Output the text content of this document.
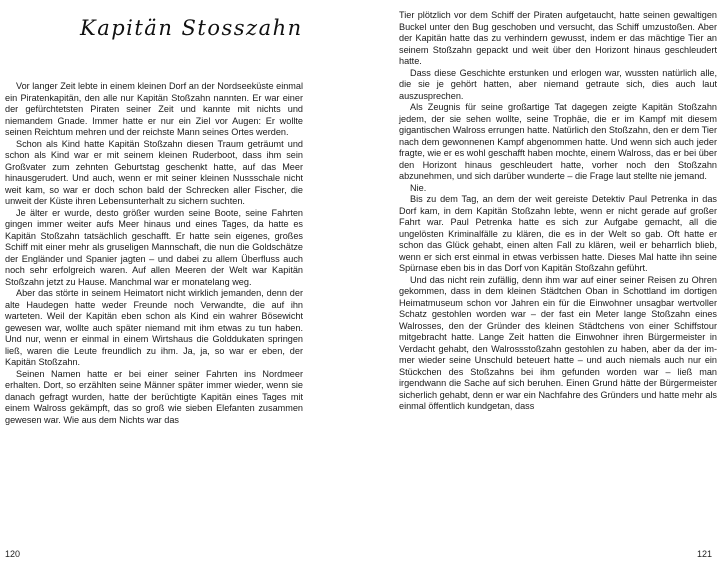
Kapitän Stosszahn

Vor langer Zeit lebte in einem kleinen Dorf an der Nordseeküste einmal ein Piratenkapitän, den alle nur Kapitän Stoßzahn nannten. Er war einer der gefürchtetsten Piraten seiner Zeit und kannte mit nichts und niemandem Gnade. Immer hatte er nur ein Ziel vor Augen: Er wollte seinen Reichtum mehren und der reichste Mann seines Ortes werden.

Schon als Kind hatte Kapitän Stoßzahn diesen Traum geträumt und schon als Kind war er mit seinem kleinen Ruderboot, dass ihm sein Großvater zum zehnten Geburtstag geschenkt hatte, auf das Meer hinausgerudert. Und auch, wenn er mit seiner kleinen Nussschale nicht weit kam, so war er doch schon bald der Schrecken aller Fischer, die unweit der Küste ihren Lebensunterhalt zu sichern suchten.

Je älter er wurde, desto größer wurden seine Boote, seine Fahrten gingen immer weiter aufs Meer hinaus und eines Tages, da hatte es Kapitän Stoßzahn tatsächlich geschafft. Er hatte sein eigenes, großes Schiff mit einer mehr als gruseligen Mannschaft, die nun die Goldschätze der Engländer und Spanier jagten – und dabei zu allem Überfluss auch noch sehr erfolgreich waren. Auf allen Meeren der Welt war Kapitän Stoßzahn jetzt zu Hause. Manchmal war er monatelang weg.

Aber das störte in seinem Heimatort nicht wirklich jemanden, denn der alte Haudegen hatte weder Freunde noch Verwandte, die auf ihn warteten. Weil der Kapitän eben schon als Kind ein wahrer Bösewicht gewesen war, wollte auch später niemand mit ihm etwas zu tun haben. Und nur, wenn er einmal in einem Wirtshaus die Golddukaten springen ließ, waren die Leute freundlich zu ihm. Ja, ja, so war er eben, der Kapitän Stoßzahn.

Seinen Namen hatte er bei einer seiner Fahrten ins Nordmeer erhalten. Dort, so erzählten seine Männer später immer wieder, wenn sie danach gefragt wurden, hatte der berüchtigte Kapitän eines Tages mit einem Walross gekämpft, das so groß wie sieben Elefanten zusammen gewesen war. Wie aus dem Nichts war das

120

Tier plötzlich vor dem Schiff der Piraten aufgetaucht, hatte seinen gewaltigen Buckel unter den Bug geschoben und versucht, das Schiff umzustoßen. Aber der Kapitän hatte das zu verhindern gewusst, indem er das mächtige Tier an seinem Stoßzahn gepackt und weit über den Horizont hinaus geschleudert hatte.

Dass diese Geschichte erstunken und erlogen war, wussten natürlich alle, die sie je gehört hatten, aber niemand getraute sich, dies auch laut auszusprechen.

Als Zeugnis für seine großartige Tat dagegen zeigte Kapitän Stoßzahn jedem, der sie sehen wollte, seine Trophäe, die er im Kampf mit diesem gigantischen Walross errungen hatte. Natürlich den Stoßzahn, den er dem Tier nach dem gewonnenen Kampf abgenommen hatte. Und wenn sich auch jeder fragte, wie er es wohl geschafft haben mochte, einem Walross, das er bei über den Horizont hinaus geschleudert hatte, vorher noch den Stoßzahn abzunehmen, und sich darüber wunderte – die Frage laut stellte nie jemand.

Nie.

Bis zu dem Tag, an dem der weit gereiste Detektiv Paul Petrenka in das Dorf kam, in dem Kapitän Stoßzahn lebte, wenn er nicht gerade auf großer Fahrt war. Paul Petrenka hatte es sich zur Aufgabe gemacht, all die ungelösten Kriminalfälle zu klären, die es in der Welt so gab. Oft hatte er schon das Glück gehabt, einen alten Fall zu klären, weil er beharrlich blieb, wenn er sich erst einmal in etwas verbissen hatte. Dieses Mal hatte ihn seine Spürnase eben bis in das Dorf von Kapitän Stoßzahn geführt.

Und das nicht rein zufällig, denn ihm war auf einer seiner Reisen zu Ohren gekommen, dass in dem kleinen Städtchen Oban in Schottland im dortigen Heimatmuseum schon vor Jahren ein für die Einwohner unsagbar wertvoller Schatz gestohlen worden war – der fast ein Meter lange Stoßzahn eines Walrosses, den der Gründer des kleinen Städtchens von einer Schiffstour mitgebracht hatte. Lange Zeit hatten die Einwohner ihren Bürgermeister in Verdacht gehabt, den Walrossstoßzahn gestohlen zu haben, aber da der immer wieder seine Unschuld beteuert hatte – und auch niemals auch nur ein Stückchen des Stoßzahns bei ihm gefunden worden war – ließ man irgendwann die Sache auf sich beruhen. Einen Grund hätte der Bürgermeister sicherlich gehabt, denn er war ein Nachfahre des Gründers und hatte mehr als einmal öffentlich kundgetan, dass

121
